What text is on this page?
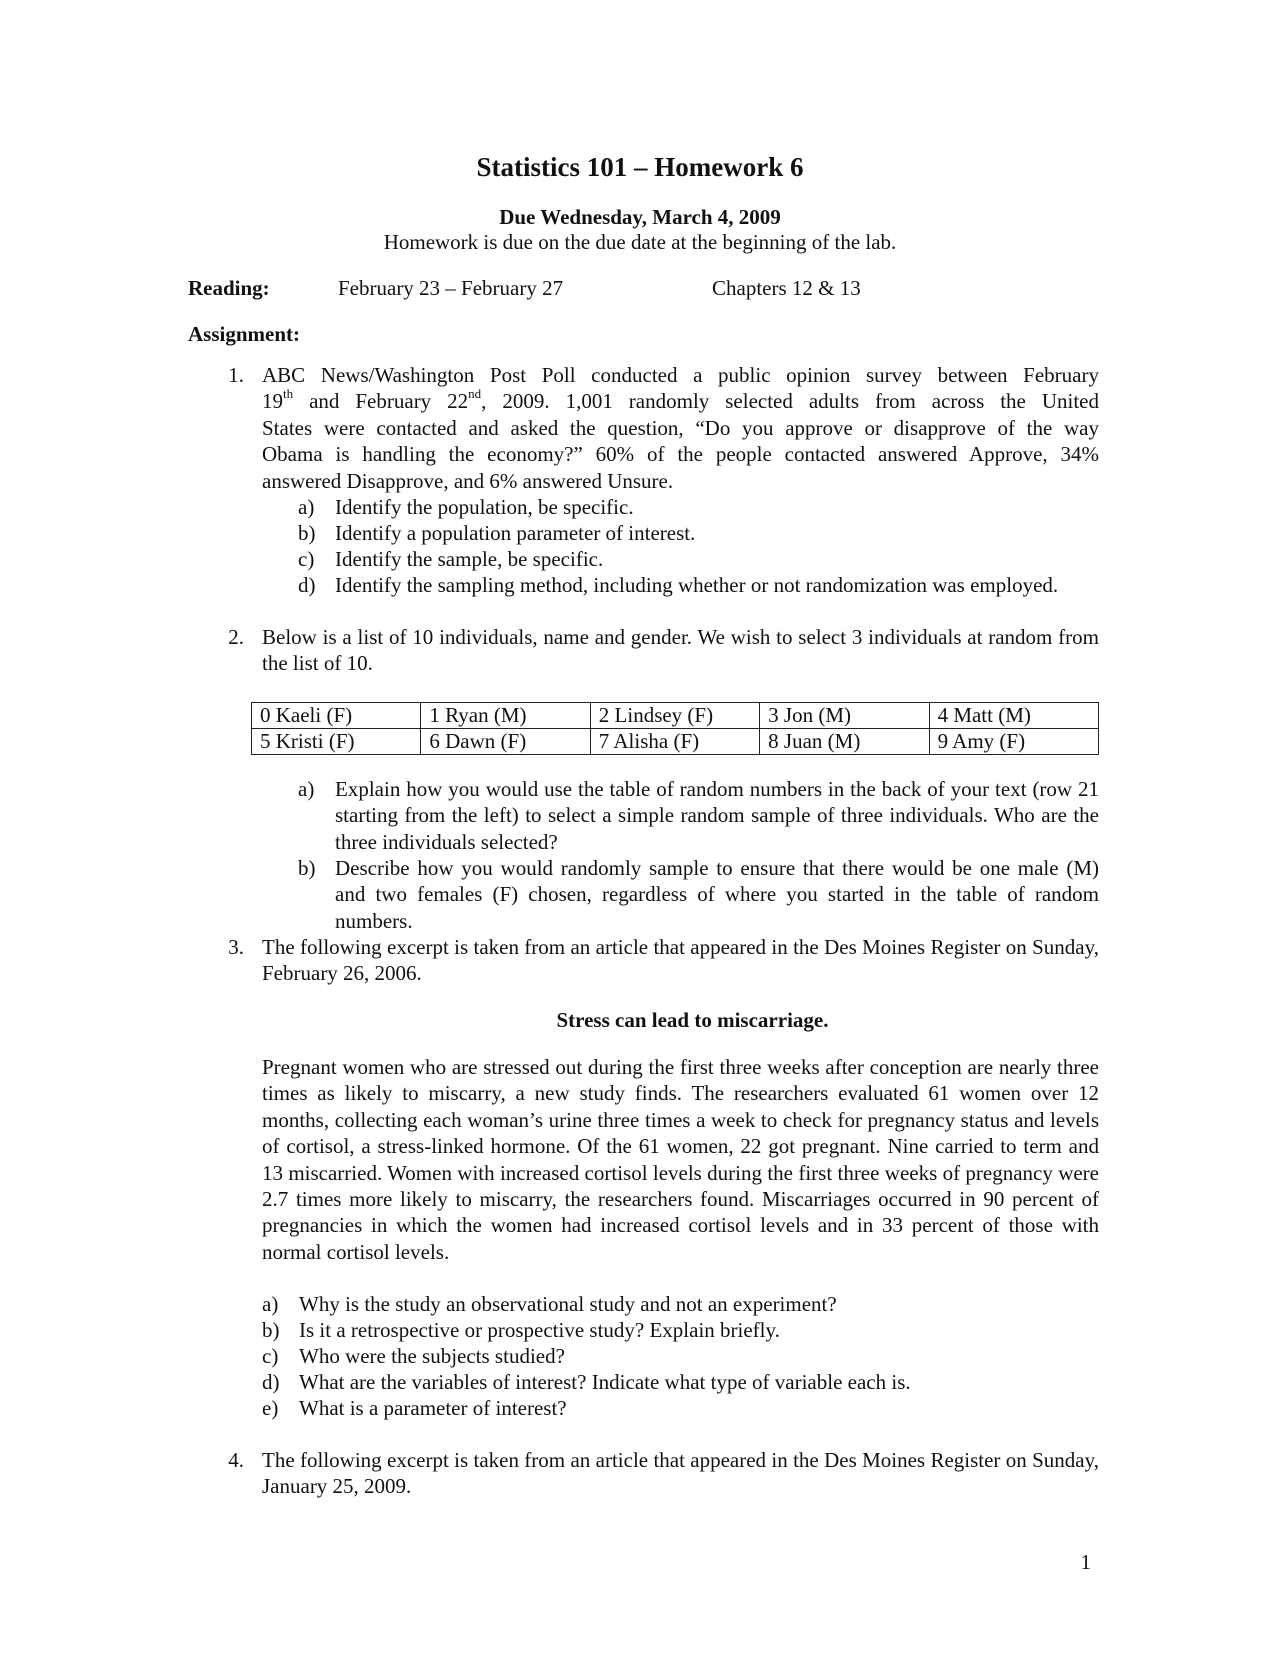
Statistics 101 – Homework 6
Due Wednesday, March 4, 2009
Homework is due on the due date at the beginning of the lab.
Reading:	February 23 – February 27	Chapters 12 & 13
Assignment:
1. ABC News/Washington Post Poll conducted a public opinion survey between February
19th and February 22nd, 2009. 1,001 randomly selected adults from across the United
States were contacted and asked the question, “Do you approve or disapprove of the way
Obama is handling the economy?” 60% of the people contacted answered Approve, 34%
answered Disapprove, and 6% answered Unsure.
a) Identify the population, be specific.
b) Identify a population parameter of interest.
c) Identify the sample, be specific.
d) Identify the sampling method, including whether or not randomization was employed.
2. Below is a list of 10 individuals, name and gender. We wish to select 3 individuals at random from the list of 10.
0 Kaeli (F)	1 Ryan (M)	2 Lindsey (F)	3 Jon (M)	4 Matt (M)
5 Kristi (F)	6 Dawn (F)	7 Alisha (F)	8 Juan (M)	9 Amy (F)
a) Explain how you would use the table of random numbers in the back of your text (row 21 starting from the left) to select a simple random sample of three individuals. Who are the three individuals selected?
b) Describe how you would randomly sample to ensure that there would be one male (M) and two females (F) chosen, regardless of where you started in the table of random numbers.
3. The following excerpt is taken from an article that appeared in the Des Moines Register on Sunday, February 26, 2006.
Stress can lead to miscarriage.
Pregnant women who are stressed out during the first three weeks after conception are nearly three times as likely to miscarry, a new study finds. The researchers evaluated 61 women over 12 months, collecting each woman’s urine three times a week to check for pregnancy status and levels of cortisol, a stress-linked hormone. Of the 61 women, 22 got pregnant. Nine carried to term and 13 miscarried. Women with increased cortisol levels during the first three weeks of pregnancy were 2.7 times more likely to miscarry, the researchers found. Miscarriages occurred in 90 percent of pregnancies in which the women had increased cortisol levels and in 33 percent of those with normal cortisol levels.
a) Why is the study an observational study and not an experiment?
b) Is it a retrospective or prospective study? Explain briefly.
c) Who were the subjects studied?
d) What are the variables of interest? Indicate what type of variable each is.
e) What is a parameter of interest?
4. The following excerpt is taken from an article that appeared in the Des Moines Register on Sunday, January 25, 2009.
1
